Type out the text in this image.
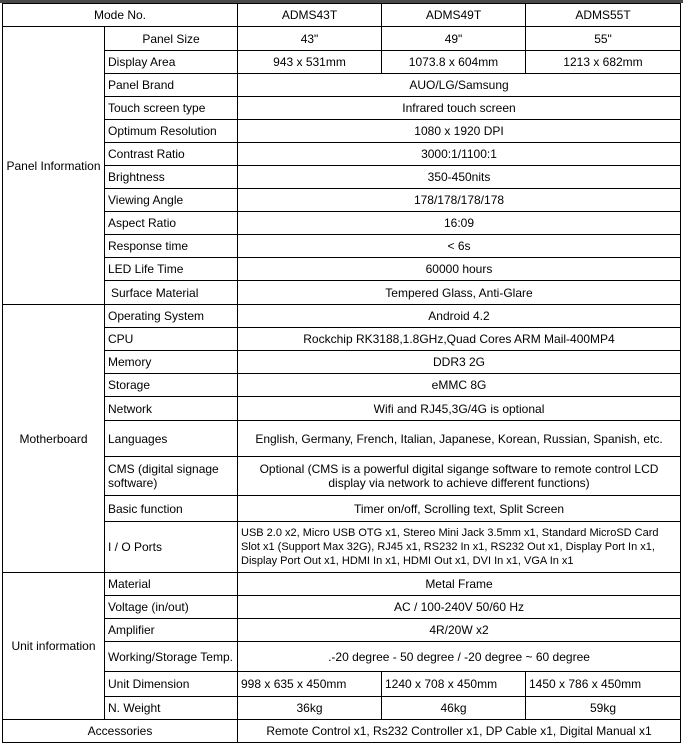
Mode No.		ADMS43T	ADMS49T	ADMS55T
Panel Information	Panel Size	43"	49"	55"
	Display Area	943 x 531mm	1073.8 x 604mm	1213 x 682mm
	Panel Brand	AUO/LG/Samsung		
	Touch screen type	Infrared touch screen		
	Optimum Resolution	1080 x 1920 DPI		
	Contrast Ratio	3000:1/1100:1		
	Brightness	350-450nits		
	Viewing Angle	178/178/178/178		
	Aspect Ratio	16:09		
	Response time	< 6s		
	LED Life Time	60000 hours		
	Surface Material	Tempered Glass, Anti-Glare		
Motherboard	Operating System	Android 4.2		
	CPU	Rockchip RK3188,1.8GHz,Quad Cores ARM Mail-400MP4		
	Memory	DDR3 2G		
	Storage	eMMC 8G		
	Network	Wifi and RJ45,3G/4G is optional		
	Languages	English, Germany, French, Italian, Japanese, Korean, Russian, Spanish, etc.		
	CMS (digital signage software)	Optional (CMS is a powerful digital sigange software to remote control LCD display via network to achieve different functions)		
	Basic function	Timer on/off, Scrolling text, Split Screen		
	I / O Ports	USB 2.0 x2, Micro USB OTG x1, Stereo Mini Jack 3.5mm x1, Standard MicroSD Card Slot x1 (Support Max 32G), RJ45 x1, RS232 In x1, RS232 Out x1, Display Port In x1, Display Port Out x1, HDMI In x1, HDMI Out x1, DVI In x1, VGA In x1		
Unit information	Material	Metal Frame		
	Voltage (in/out)	AC / 100-240V 50/60 Hz		
	Amplifier	4R/20W x2		
	Working/Storage Temp.	.-20 degree - 50 degree / -20 degree ~ 60 degree		
	Unit Dimension	998 x 635 x 450mm	1240 x 708 x 450mm	1450 x 786 x 450mm
	N. Weight	36kg	46kg	59kg
Accessories		Remote Control x1, Rs232 Controller x1, DP Cable x1, Digital Manual x1		
